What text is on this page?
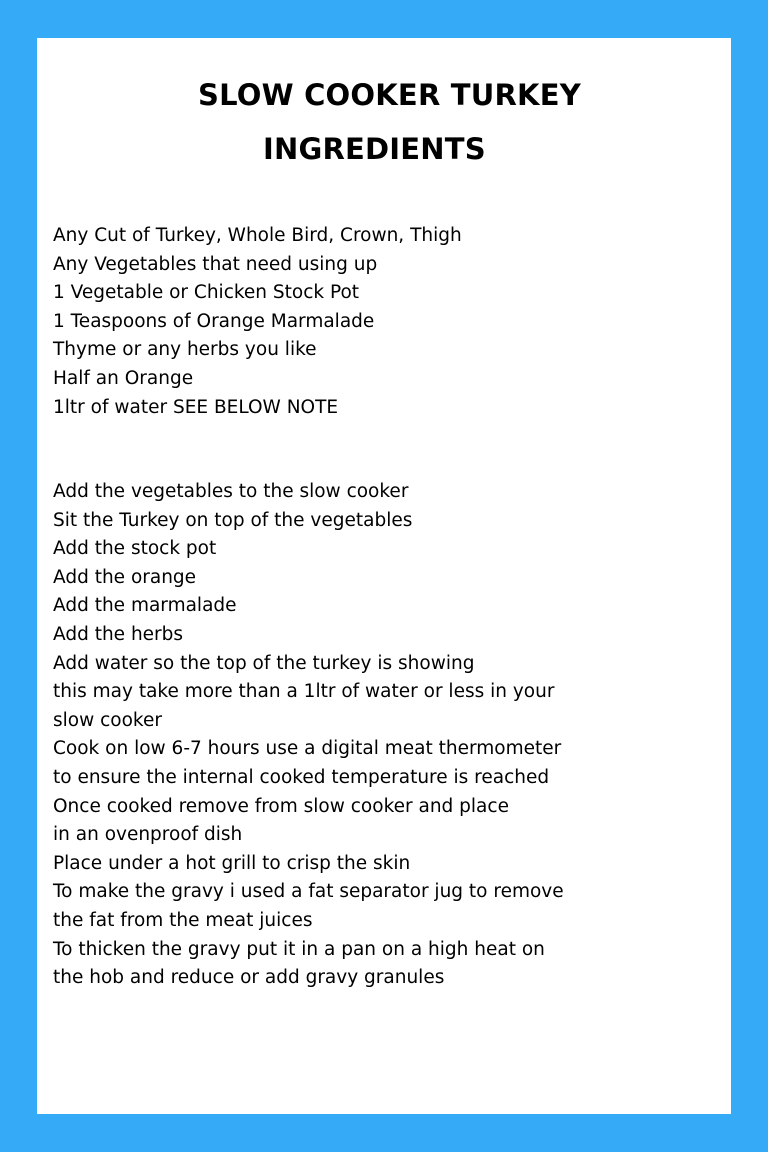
SLOW COOKER TURKEY
INGREDIENTS
Any Cut of Turkey, Whole Bird, Crown, Thigh
Any Vegetables that need using up
1 Vegetable or Chicken Stock Pot
1 Teaspoons of Orange Marmalade
Thyme or any herbs you like
Half an Orange
1ltr of water SEE BELOW NOTE
Add the vegetables to the slow cooker
Sit the Turkey on top of the vegetables
Add the stock pot
Add the orange
Add the marmalade
Add the herbs
Add water so the top of the turkey is showing
this may take more than a 1ltr of water or less in your
slow cooker
Cook on low 6-7 hours use a digital meat thermometer
to ensure the internal cooked temperature is reached
Once cooked remove from slow cooker and place
in an ovenproof dish
Place under a hot grill to crisp the skin
To make the gravy i used a fat separator jug to remove
the fat from the meat juices
To thicken the gravy put it in a pan on a high heat on
the hob and reduce or add gravy granules
